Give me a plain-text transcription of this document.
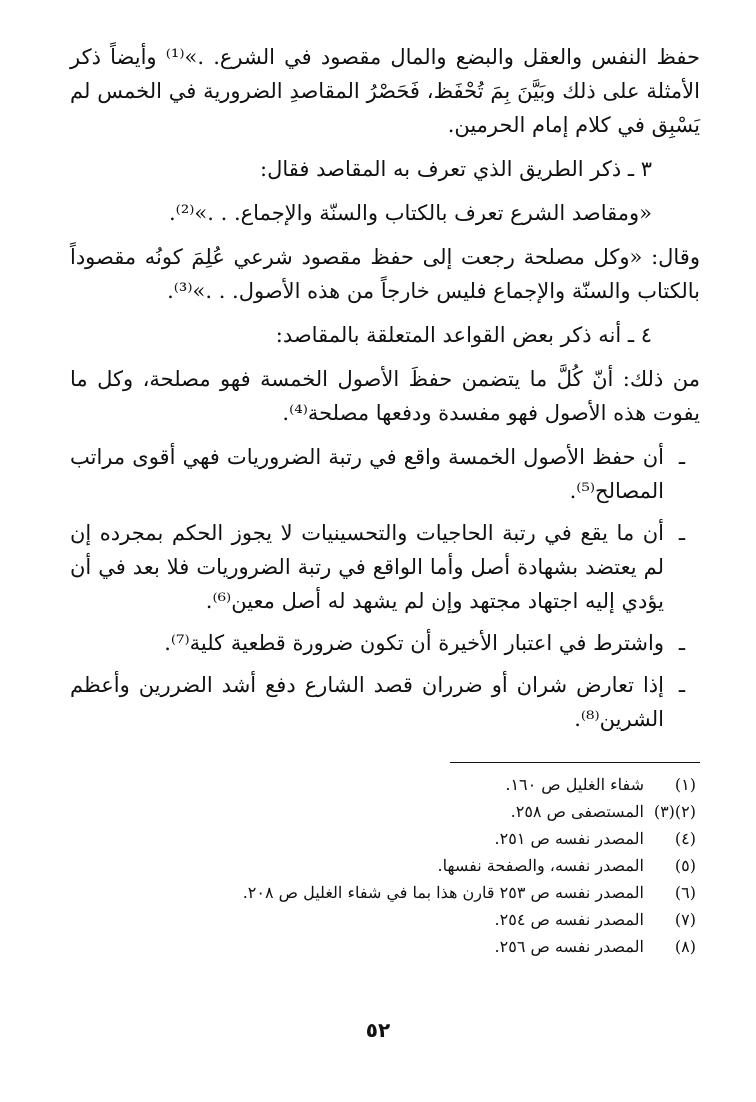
حفظ النفس والعقل والبضع والمال مقصود في الشرع. .»⁽¹⁾ وأيضاً ذكر الأمثلة على ذلك وبَيَّنَ بِمَ تُحْفَظ، فَحَصْرُ المقاصدِ الضرورية في الخمس لم يَسْبِق في كلام إمام الحرمين.

٣ ـ ذكر الطريق الذي تعرف به المقاصد فقال:

«ومقاصد الشرع تعرف بالكتاب والسنّة والإجماع. . .»⁽²⁾.

وقال: «وكل مصلحة رجعت إلى حفظ مقصود شرعي عُلِمَ كونُه مقصوداً بالكتاب والسنّة والإجماع فليس خارجاً من هذه الأصول. . .»⁽³⁾.

٤ ـ أنه ذكر بعض القواعد المتعلقة بالمقاصد:

من ذلك: أنّ كُلَّ ما يتضمن حفظَ الأصول الخمسة فهو مصلحة، وكل ما يفوت هذه الأصول فهو مفسدة ودفعها مصلحة⁽⁴⁾.

ـ
أن حفظ الأصول الخمسة واقع في رتبة الضروريات فهي أقوى مراتب المصالح⁽⁵⁾.
ـ
أن ما يقع في رتبة الحاجيات والتحسينيات لا يجوز الحكم بمجرده إن لم يعتضد بشهادة أصل وأما الواقع في رتبة الضروريات فلا بعد في أن يؤدي إليه اجتهاد مجتهد وإن لم يشهد له أصل معين⁽⁶⁾.
ـ
واشترط في اعتبار الأخيرة أن تكون ضرورة قطعية كلية⁽⁷⁾.
ـ
إذا تعارض شران أو ضرران قصد الشارع دفع أشد الضررين وأعظم الشرين⁽⁸⁾.
(١)
شفاء الغليل ص ١٦٠.
(٢)(٣)
المستصفى ص ٢٥٨.
(٤)
المصدر نفسه ص ٢٥١.
(٥)
المصدر نفسه، والصفحة نفسها.
(٦)
المصدر نفسه ص ٢٥٣ قارن هذا بما في شفاء الغليل ص ٢٠٨.
(٧)
المصدر نفسه ص ٢٥٤.
(٨)
المصدر نفسه ص ٢٥٦.
٥٢
